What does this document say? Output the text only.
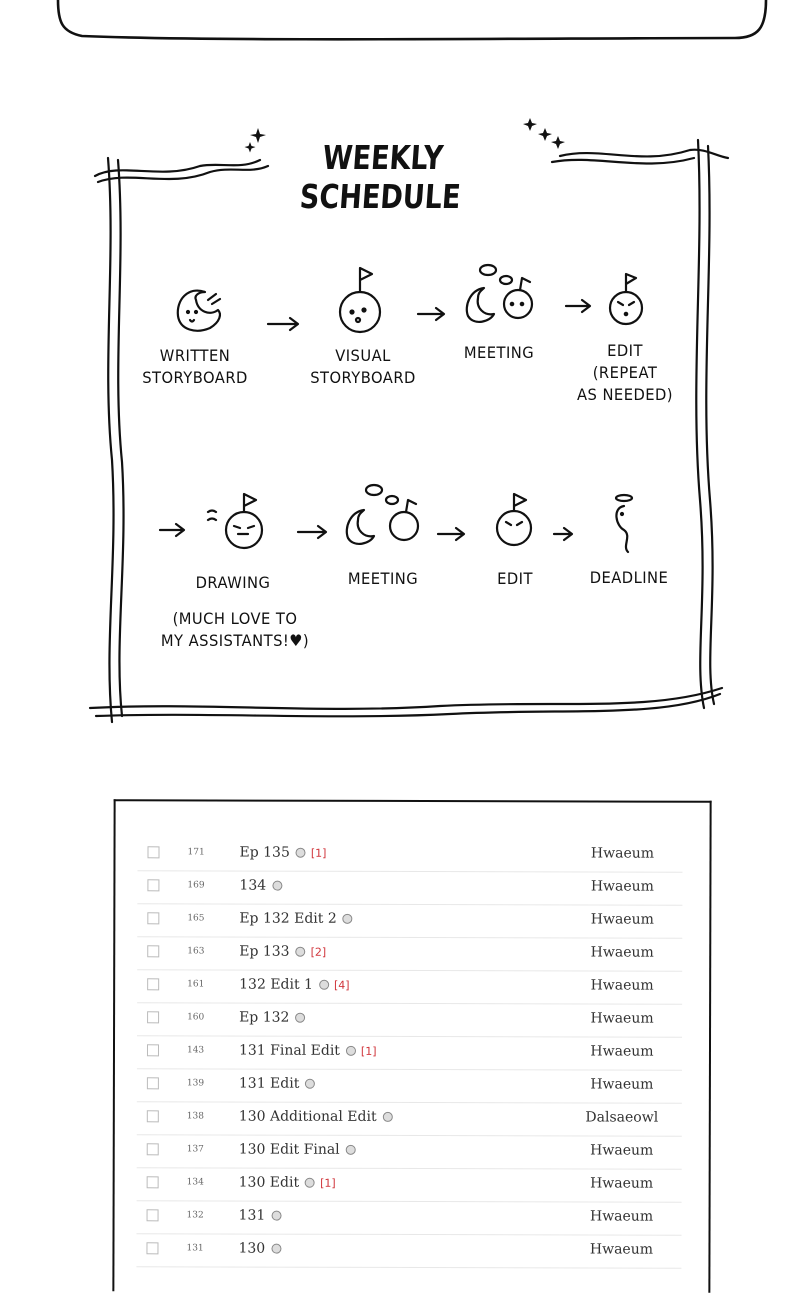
WEEKLY SCHEDULE
WRITTEN
STORYBOARD
VISUAL
STORYBOARD
MEETING	EDIT
(REPEAT
AS NEEDED)
DRAWING	MEETING	EDIT	DEADLINE
(MUCH LOVE TO
MY ASSISTANTS!♥)
171 Ep 135 [1]	Hwaeum
169 134	Hwaeum
165 Ep 132 Edit 2	Hwaeum
163 Ep 133 [2]	Hwaeum
161 132 Edit 1 [4]	Hwaeum
160 Ep 132	Hwaeum
143 131 Final Edit [1]	Hwaeum
139 131 Edit	Hwaeum
138 130 Additional Edit	Dalsaeowl
137 130 Edit Final	Hwaeum
134 130 Edit [1]	Hwaeum
132 131	Hwaeum
131 130	Hwaeum
